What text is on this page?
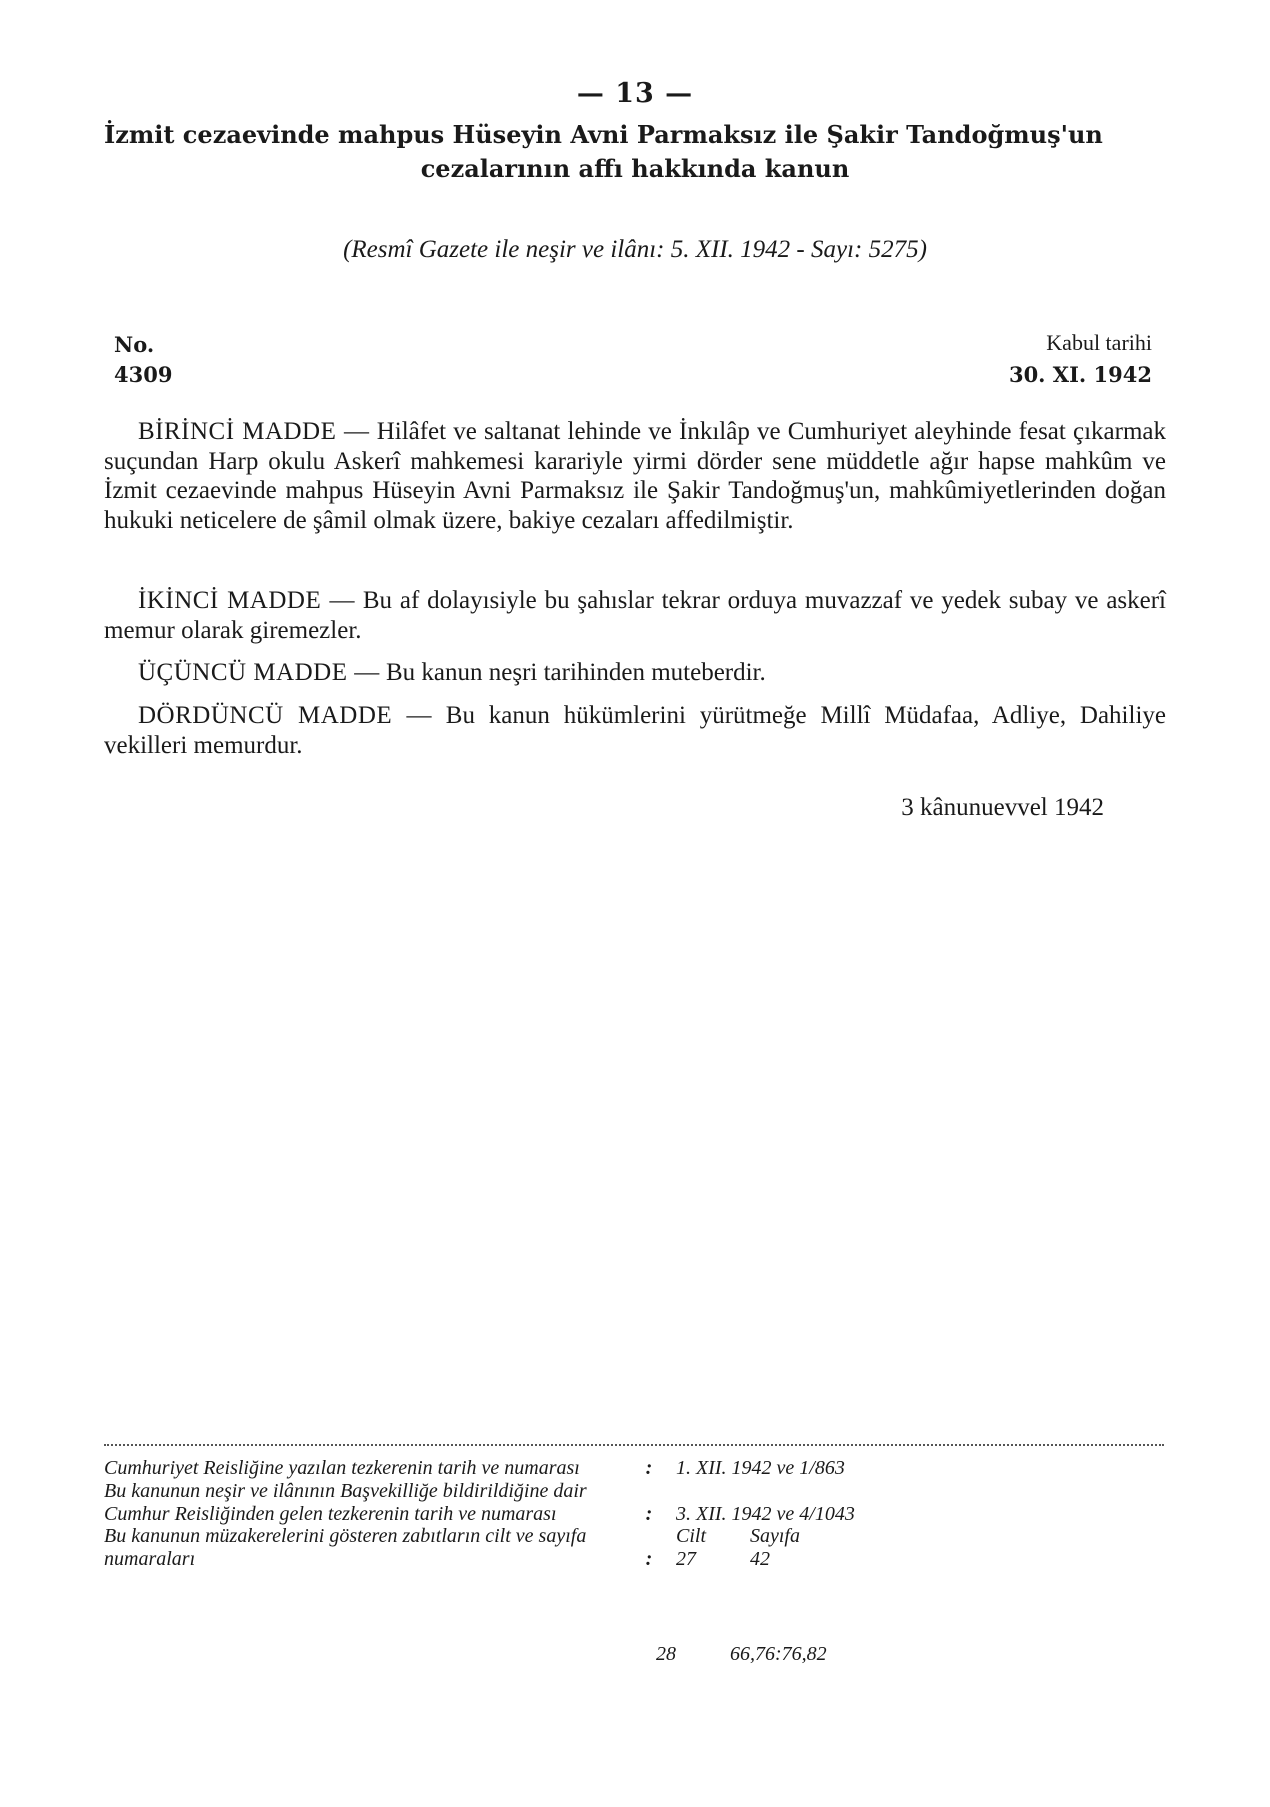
— 13 —
İzmit cezaevinde mahpus Hüseyin Avni Parmaksız ile Şakir Tandoğmuş'un
cezalarının affı hakkında kanun
(Resmî Gazete ile neşir ve ilânı: 5. XII. 1942 - Sayı: 5275)
No.
4309
Kabul tarihi
30. XI. 1942

BİRİNCİ MADDE — Hilâfet ve saltanat lehinde ve İnkılâp ve Cumhuriyet aleyhinde fesat çıkarmak suçundan Harp okulu Askerî mahkemesi karariyle yirmi dörder sene müddetle ağır hapse mahkûm ve İzmit cezaevinde mahpus Hüseyin Avni Parmaksız ile Şakir Tandoğmuş'un, mahkûmiyetlerinden doğan hukuki neticelere de şâmil olmak üzere, bakiye cezaları affedilmiştir.

İKİNCİ MADDE — Bu af dolayısiyle bu şahıslar tekrar orduya muvazzaf ve yedek subay ve askerî memur olarak giremezler.

ÜÇÜNCÜ MADDE — Bu kanun neşri tarihinden muteberdir.

DÖRDÜNCÜ MADDE — Bu kanun hükümlerini yürütmeğe Millî Müdafaa, Adliye, Dahiliye vekilleri memurdur.

3 kânunuevvel 1942
Cumhuriyet Reisliğine yazılan tezkerenin tarih ve numarası	:	1. XII. 1942 ve 1/863
Bu kanunun neşir ve ilânının Başvekilliğe bildirildiğine dair Cumhur Reisliğinden gelen tezkerenin tarih ve numarası	:	3. XII. 1942 ve 4/1043
Bu kanunun müzakerelerini gösteren zabıtların cilt ve sayıfa numaraları	:
Cilt	Sayıfa
27	42
28	66,76:76,82
